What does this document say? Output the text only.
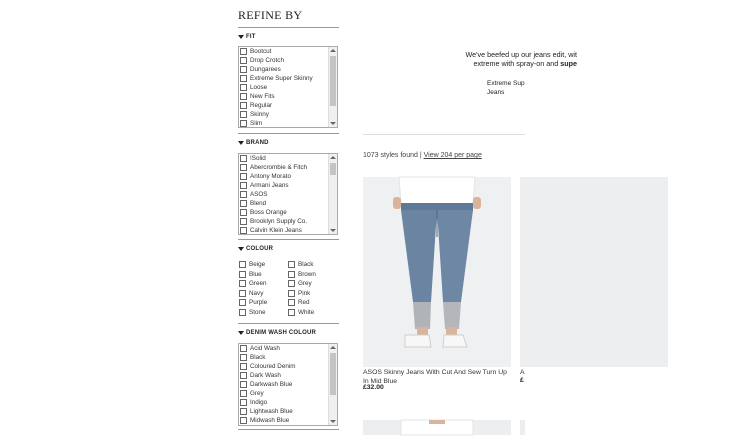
REFINE BY
FIT
Bootcut
Drop Crotch
Dungarees
Extreme Super Skinny
Loose
New Fits
Regular
Skinny
Slim
BRAND
!Solid
Abercrombie & Fitch
Antony Morato
Armani Jeans
ASOS
Blend
Boss Orange
Brooklyn Supply Co.
Calvin Klein Jeans
COLOUR
Beige
Blue
Green
Navy
Purple
Stone
Black
Brown
Grey
Pink
Red
White
DENIM WASH COLOUR
Acid Wash
Black
Coloured Denim
Dark Wash
Darkwash Blue
Grey
Indigo
Lightwash Blue
Midwash Blue
We've beefed up our jeans edit, wit
extreme with spray-on and supe
Extreme Sup
Jeans
1073 styles found | View 204 per page
ASOS Skinny Jeans With Cut And Sew Turn Up In Mid Blue
£32.00
A
£
